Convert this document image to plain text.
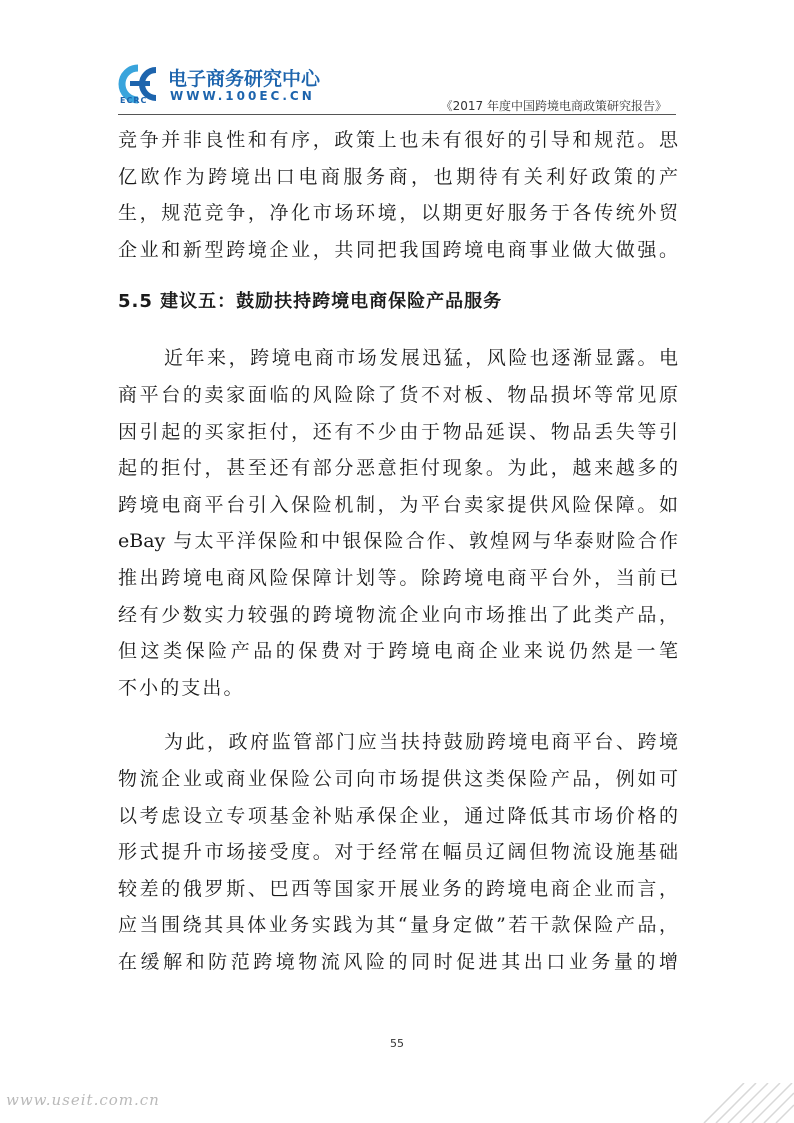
ECRC
电子商务研究中心
WWW.100EC.CN
《2017 年度中国跨境电商政策研究报告》
竞争并非良性和有序，政策上也未有很好的引导和规范。思
亿欧作为跨境出口电商服务商，也期待有关利好政策的产
生，规范竞争，净化市场环境，以期更好服务于各传统外贸
企业和新型跨境企业，共同把我国跨境电商事业做大做强。
5.5 建议五：鼓励扶持跨境电商保险产品服务
近年来，跨境电商市场发展迅猛，风险也逐渐显露。电
商平台的卖家面临的风险除了货不对板、物品损坏等常见原
因引起的买家拒付，还有不少由于物品延误、物品丢失等引
起的拒付，甚至还有部分恶意拒付现象。为此，越来越多的
跨境电商平台引入保险机制，为平台卖家提供风险保障。如
eBay 与太平洋保险和中银保险合作、敦煌网与华泰财险合作
推出跨境电商风险保障计划等。除跨境电商平台外，当前已
经有少数实力较强的跨境物流企业向市场推出了此类产品，
但这类保险产品的保费对于跨境电商企业来说仍然是一笔
不小的支出。
为此，政府监管部门应当扶持鼓励跨境电商平台、跨境
物流企业或商业保险公司向市场提供这类保险产品，例如可
以考虑设立专项基金补贴承保企业，通过降低其市场价格的
形式提升市场接受度。对于经常在幅员辽阔但物流设施基础
较差的俄罗斯、巴西等国家开展业务的跨境电商企业而言，
应当围绕其具体业务实践为其“量身定做”若干款保险产品，
在缓解和防范跨境物流风险的同时促进其出口业务量的增
55
www.useit.com.cn
